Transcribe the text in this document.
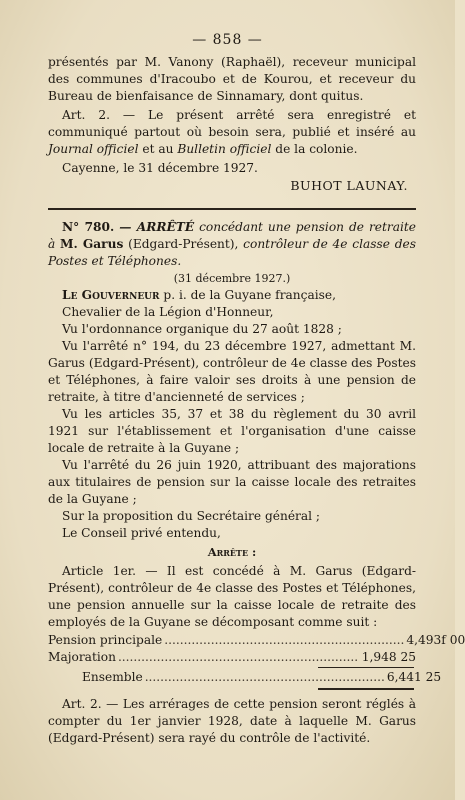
— 858 —

présentés par M. Vanony (Raphaël), receveur municipal des communes d'Iracoubo et de Kourou, et receveur du Bureau de bienfaisance de Sinnamary, dont quitus.

Art. 2. — Le présent arrêté sera enregistré et communiqué partout où besoin sera, publié et inséré au Journal officiel et au Bulletin officiel de la colonie.

Cayenne, le 31 décembre 1927.

BUHOT LAUNAY.

N° 780. — ARRÊTÉ concédant une pension de retraite à M. Garus (Edgard-Présent), contrôleur de 4e classe des Postes et Téléphones.

(31 décembre 1927.)

Le Gouverneur p. i. de la Guyane française,

Chevalier de la Légion d'Honneur,

Vu l'ordonnance organique du 27 août 1828 ;

Vu l'arrêté n° 194, du 23 décembre 1927, admettant M. Garus (Edgard-Présent), contrôleur de 4e classe des Postes et Téléphones, à faire valoir ses droits à une pension de retraite, à titre d'ancienneté de services ;

Vu les articles 35, 37 et 38 du règlement du 30 avril 1921 sur l'établissement et l'organisation d'une caisse locale de retraite à la Guyane ;

Vu l'arrêté du 26 juin 1920, attribuant des majorations aux titulaires de pension sur la caisse locale des retraites de la Guyane ;

Sur la proposition du Secrétaire général ;

Le Conseil privé entendu,

Arrête :

Article 1er. — Il est concédé à M. Garus (Edgard-Présent), contrôleur de 4e classe des Postes et Téléphones, une pension annuelle sur la caisse locale de retraite des employés de la Guyane se décomposant comme suit :

Pension principale .............................................................. 4,493f 00
Majoration .............................................................. 1,948 25
Ensemble .............................................................. 6,441 25

Art. 2. — Les arrérages de cette pension seront réglés à compter du 1er janvier 1928, date à laquelle M. Garus (Edgard-Présent) sera rayé du contrôle de l'activité.
